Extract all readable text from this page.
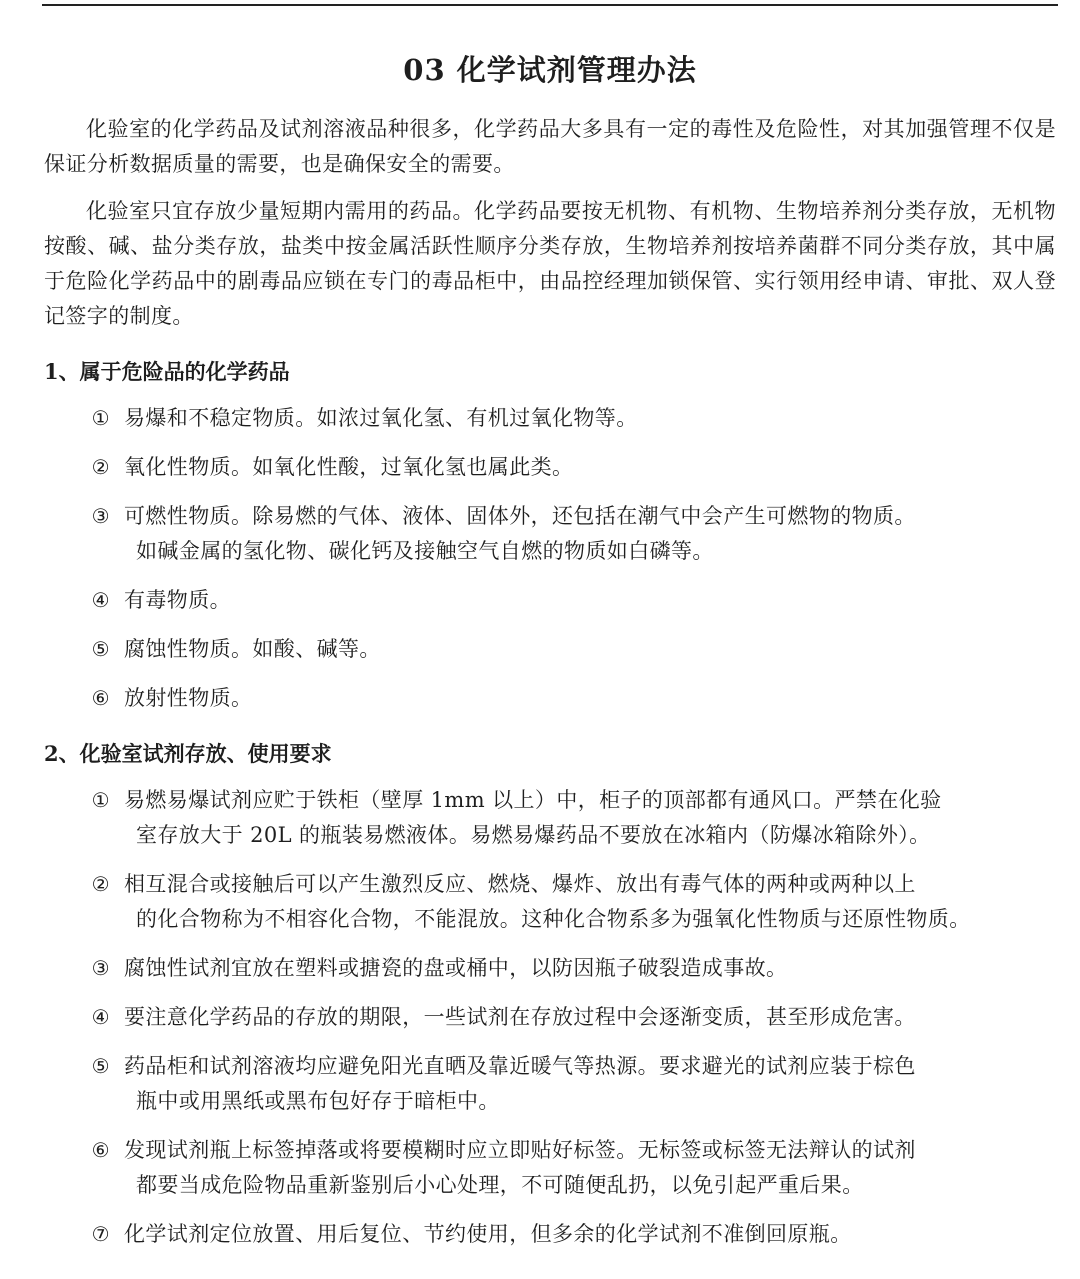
03 化学试剂管理办法

化验室的化学药品及试剂溶液品种很多，化学药品大多具有一定的毒性及危险性，对其加强管理不仅是保证分析数据质量的需要，也是确保安全的需要。

化验室只宜存放少量短期内需用的药品。化学药品要按无机物、有机物、生物培养剂分类存放，无机物按酸、碱、盐分类存放，盐类中按金属活跃性顺序分类存放，生物培养剂按培养菌群不同分类存放，其中属于危险化学药品中的剧毒品应锁在专门的毒品柜中，由品控经理加锁保管、实行领用经申请、审批、双人登记签字的制度。

1、属于危险品的化学药品
① 易爆和不稳定物质。如浓过氧化氢、有机过氧化物等。
② 氧化性物质。如氧化性酸，过氧化氢也属此类。
③ 可燃性物质。除易燃的气体、液体、固体外，还包括在潮气中会产生可燃物的物质。
如碱金属的氢化物、碳化钙及接触空气自燃的物质如白磷等。
④ 有毒物质。
⑤ 腐蚀性物质。如酸、碱等。
⑥ 放射性物质。
2、化验室试剂存放、使用要求
① 易燃易爆试剂应贮于铁柜（壁厚 1mm 以上）中，柜子的顶部都有通风口。严禁在化验
室存放大于 20L 的瓶装易燃液体。易燃易爆药品不要放在冰箱内（防爆冰箱除外）。
② 相互混合或接触后可以产生激烈反应、燃烧、爆炸、放出有毒气体的两种或两种以上
的化合物称为不相容化合物，不能混放。这种化合物系多为强氧化性物质与还原性物质。
③ 腐蚀性试剂宜放在塑料或搪瓷的盘或桶中，以防因瓶子破裂造成事故。
④ 要注意化学药品的存放的期限，一些试剂在存放过程中会逐渐变质，甚至形成危害。
⑤ 药品柜和试剂溶液均应避免阳光直晒及靠近暖气等热源。要求避光的试剂应装于棕色
瓶中或用黑纸或黑布包好存于暗柜中。
⑥ 发现试剂瓶上标签掉落或将要模糊时应立即贴好标签。无标签或标签无法辩认的试剂
都要当成危险物品重新鉴别后小心处理，不可随便乱扔，以免引起严重后果。
⑦ 化学试剂定位放置、用后复位、节约使用，但多余的化学试剂不准倒回原瓶。
